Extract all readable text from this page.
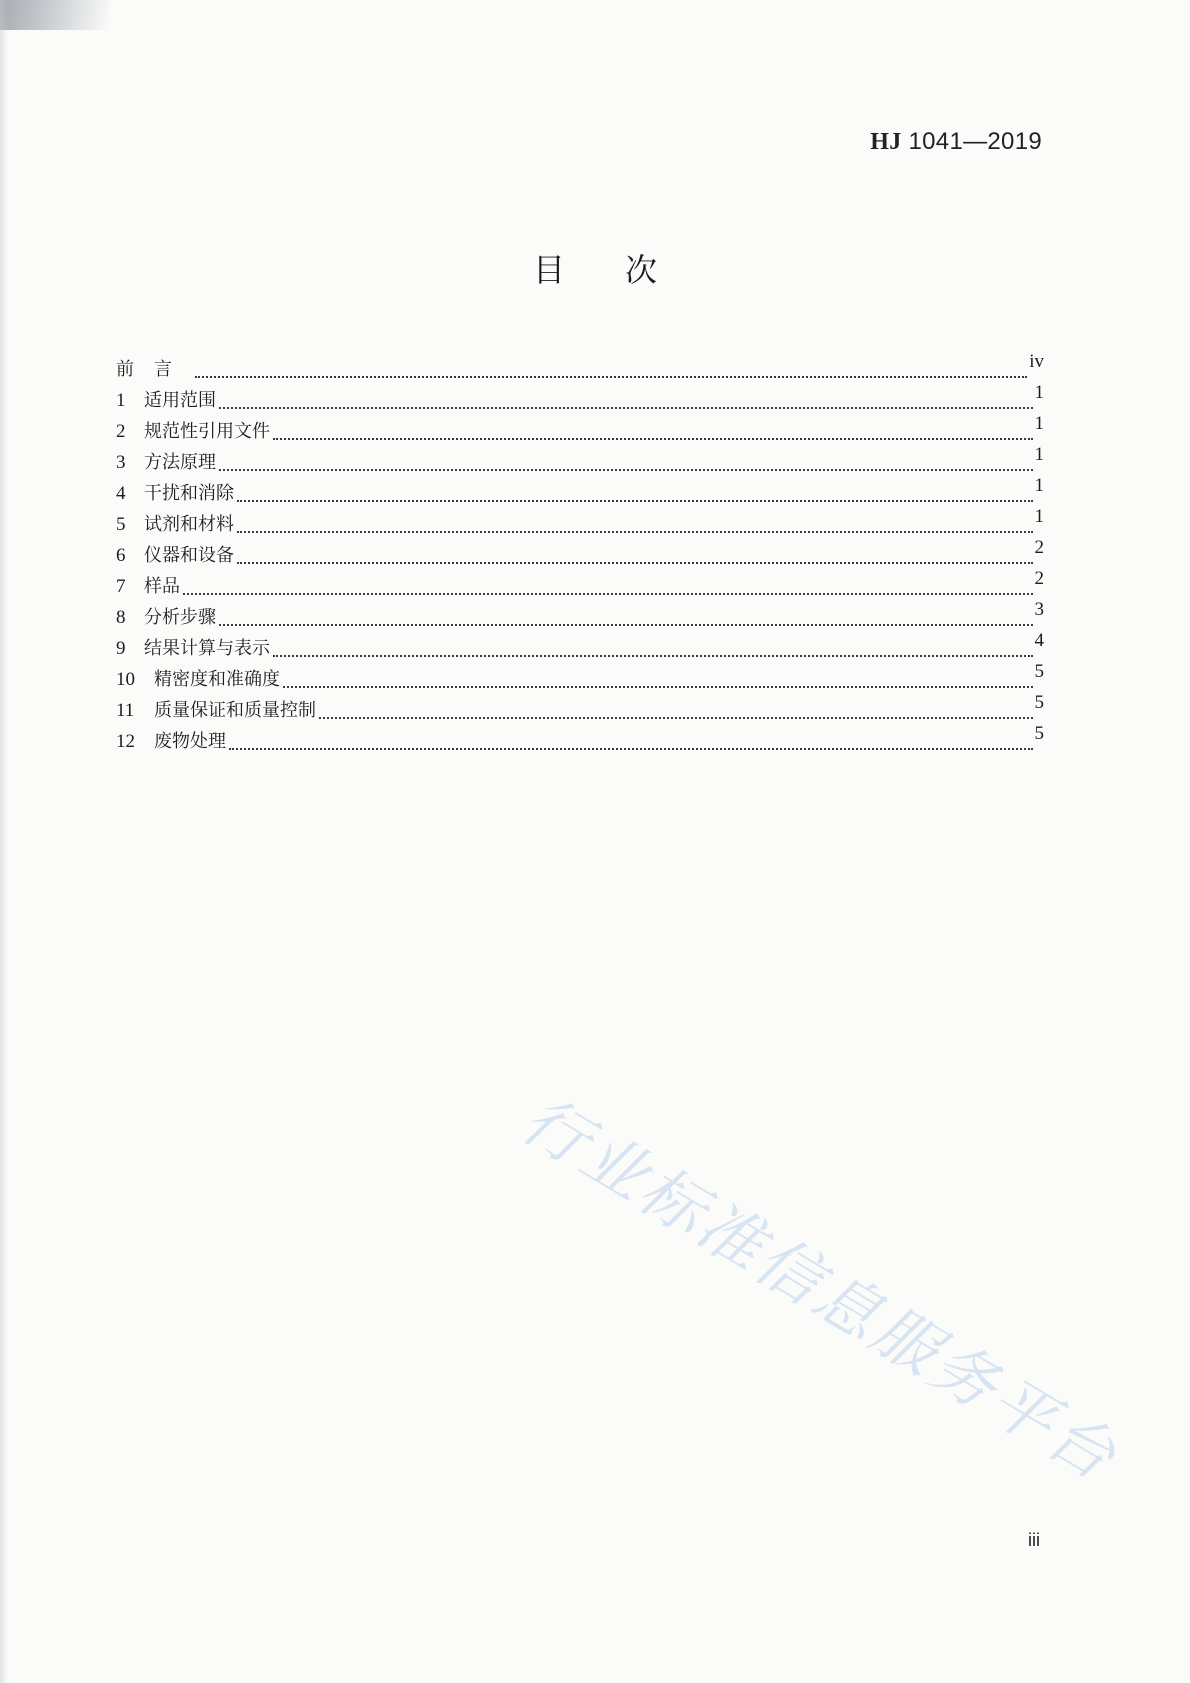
HJ 1041—2019
目次
前言	iv
1	适用范围	1
2	规范性引用文件	1
3	方法原理	1
4	干扰和消除	1
5	试剂和材料	1
6	仪器和设备	2
7	样品	2
8	分析步骤	3
9	结果计算与表示	4
10	精密度和准确度	5
11	质量保证和质量控制	5
12	废物处理	5
行业标准信息服务平台
iii
